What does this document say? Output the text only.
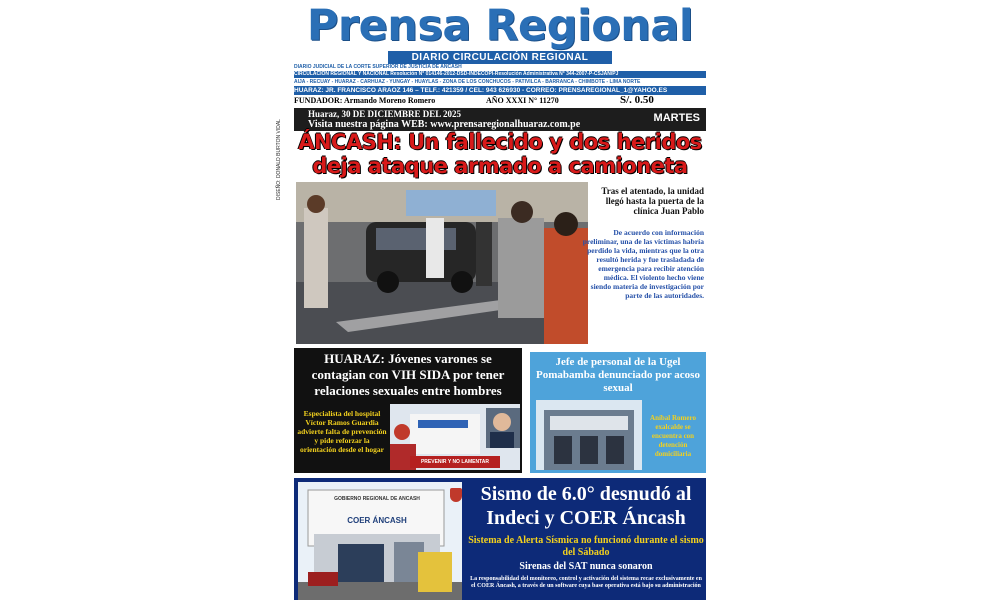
Prensa Regional
DIARIO CIRCULACIÓN REGIONAL
DIARIO JUDICIAL DE LA CORTE SUPERIOR DE JUSTICIA DE ANCASH
CIRCULACIÓN REGIONAL Y NACIONAL Resolución N° 014146-2012-DSD-INDECOPI-Resolución Administrativa N° 344-2007-P-CSJAN/PJ
AIJA - RECUAY - HUARAZ - CARHUAZ - YUNGAY - HUAYLAS - ZONA DE LOS CONCHUCOS - PATIVILCA - BARRANCA - CHIMBOTE - LIMA NORTE
HUARAZ: JR. FRANCISCO ARAOZ 146 – TELF.: 421359 / CEL: 943 626930 - CORREO: PRENSAREGIONAL_1@YAHOO.ES
FUNDADOR: Armando Moreno Romero	AÑO XXXI N° 11270	S/. 0.50
Huaraz, 30 DE DICIEMBRE DEL 2025
Visita nuestra página WEB: www.prensaregionalhuaraz.com.pe
MARTES
ÁNCASH: Un fallecido y dos heridos
deja ataque armado a camioneta
DISEÑO: DONALD BURTON VIDAL	Tras el atentado, la unidad llegó hasta la puerta de la clínica Juan Pablo
De acuerdo con información preliminar, una de las víctimas habría perdido la vida, mientras que la otra resultó herida y fue trasladada de emergencia para recibir atención médica. El violento hecho viene siendo materia de investigación por parte de las autoridades.
HUARAZ: Jóvenes varones se contagian con VIH SIDA por tener relaciones sexuales entre hombres
Especialista del hospital Víctor Ramos Guardia advierte falta de prevención y pide reforzar la orientación desde el hogar
PREVENIR Y NO LAMENTAR
Jefe de personal de la Ugel Pomabamba denunciado por acoso sexual
Aníbal Romero exalcalde se encuentra con detención domiciliaria
GOBIERNO REGIONAL DE ANCASH
COER ÁNCASH
Sismo de 6.0° desnudó al Indeci y COER Áncash
Sistema de Alerta Sísmica no funcionó durante el sismo del Sábado
Sirenas del SAT nunca sonaron
La responsabilidad del monitoreo, control y activación del sistema recae exclusivamente en el COER Áncash, a través de un software cuya base operativa está bajo su administración
